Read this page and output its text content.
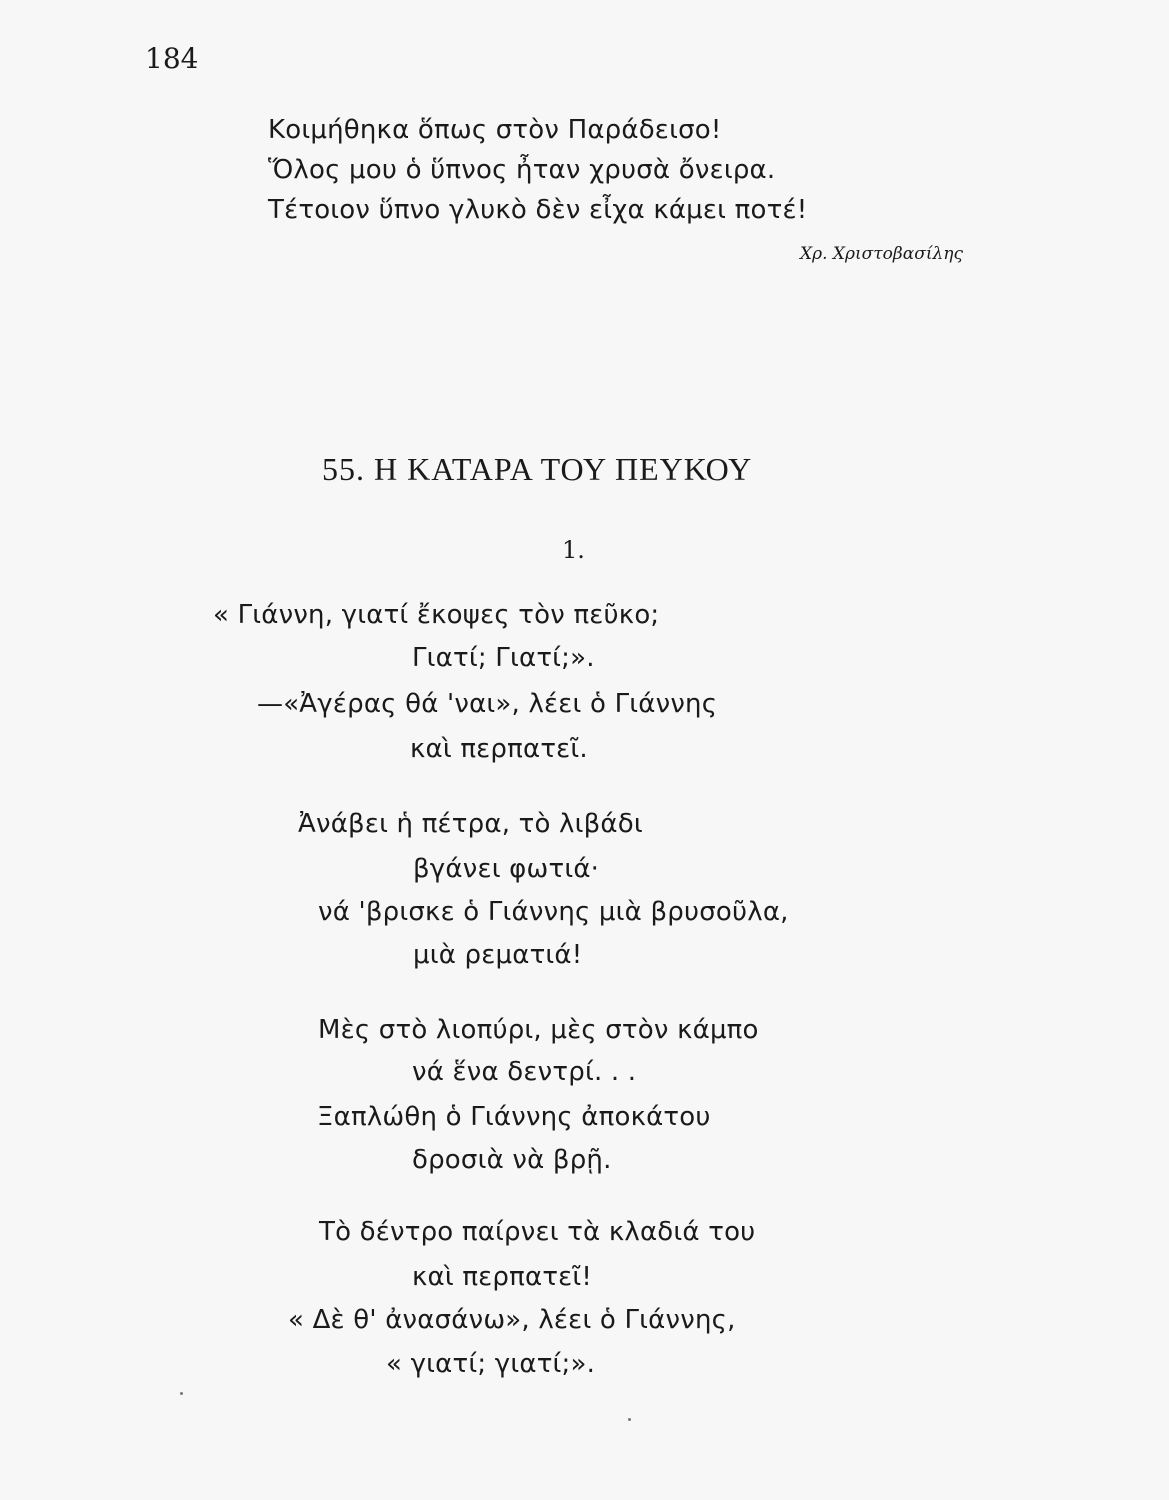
184
Κοιμήθηκα ὅπως στὸν Παράδεισο!
Ὅλος μου ὁ ὕπνος ἦταν χρυσὰ ὄνειρα.
Τέτοιον ὕπνο γλυκὸ δὲν εἶχα κάμει ποτέ!
Χρ. Χριστοβασίλης
55. Η ΚΑΤΑΡΑ ΤΟΥ ΠΕΥΚΟΥ
1.
« Γιάννη, γιατί ἔκοψες τὸν πεῦκο;
Γιατί; Γιατί;».
—«Ἀγέρας θά 'ναι», λέει ὁ Γιάννης
καὶ περπατεῖ.
Ἀνάβει ἡ πέτρα, τὸ λιβάδι
βγάνει φωτιά·
νά 'βρισκε ὁ Γιάννης μιὰ βρυσοῦλα,
μιὰ ρεματιά!
Μὲς στὸ λιοπύρι, μὲς στὸν κάμπο
νά ἕνα δεντρί. . .
Ξαπλώθη ὁ Γιάννης ἀποκάτου
δροσιὰ νὰ βρῇ.
Τὸ δέντρο παίρνει τὰ κλαδιά του
καὶ περπατεῖ!
« Δὲ θ' ἀνασάνω», λέει ὁ Γιάννης,
« γιατί; γιατί;».
